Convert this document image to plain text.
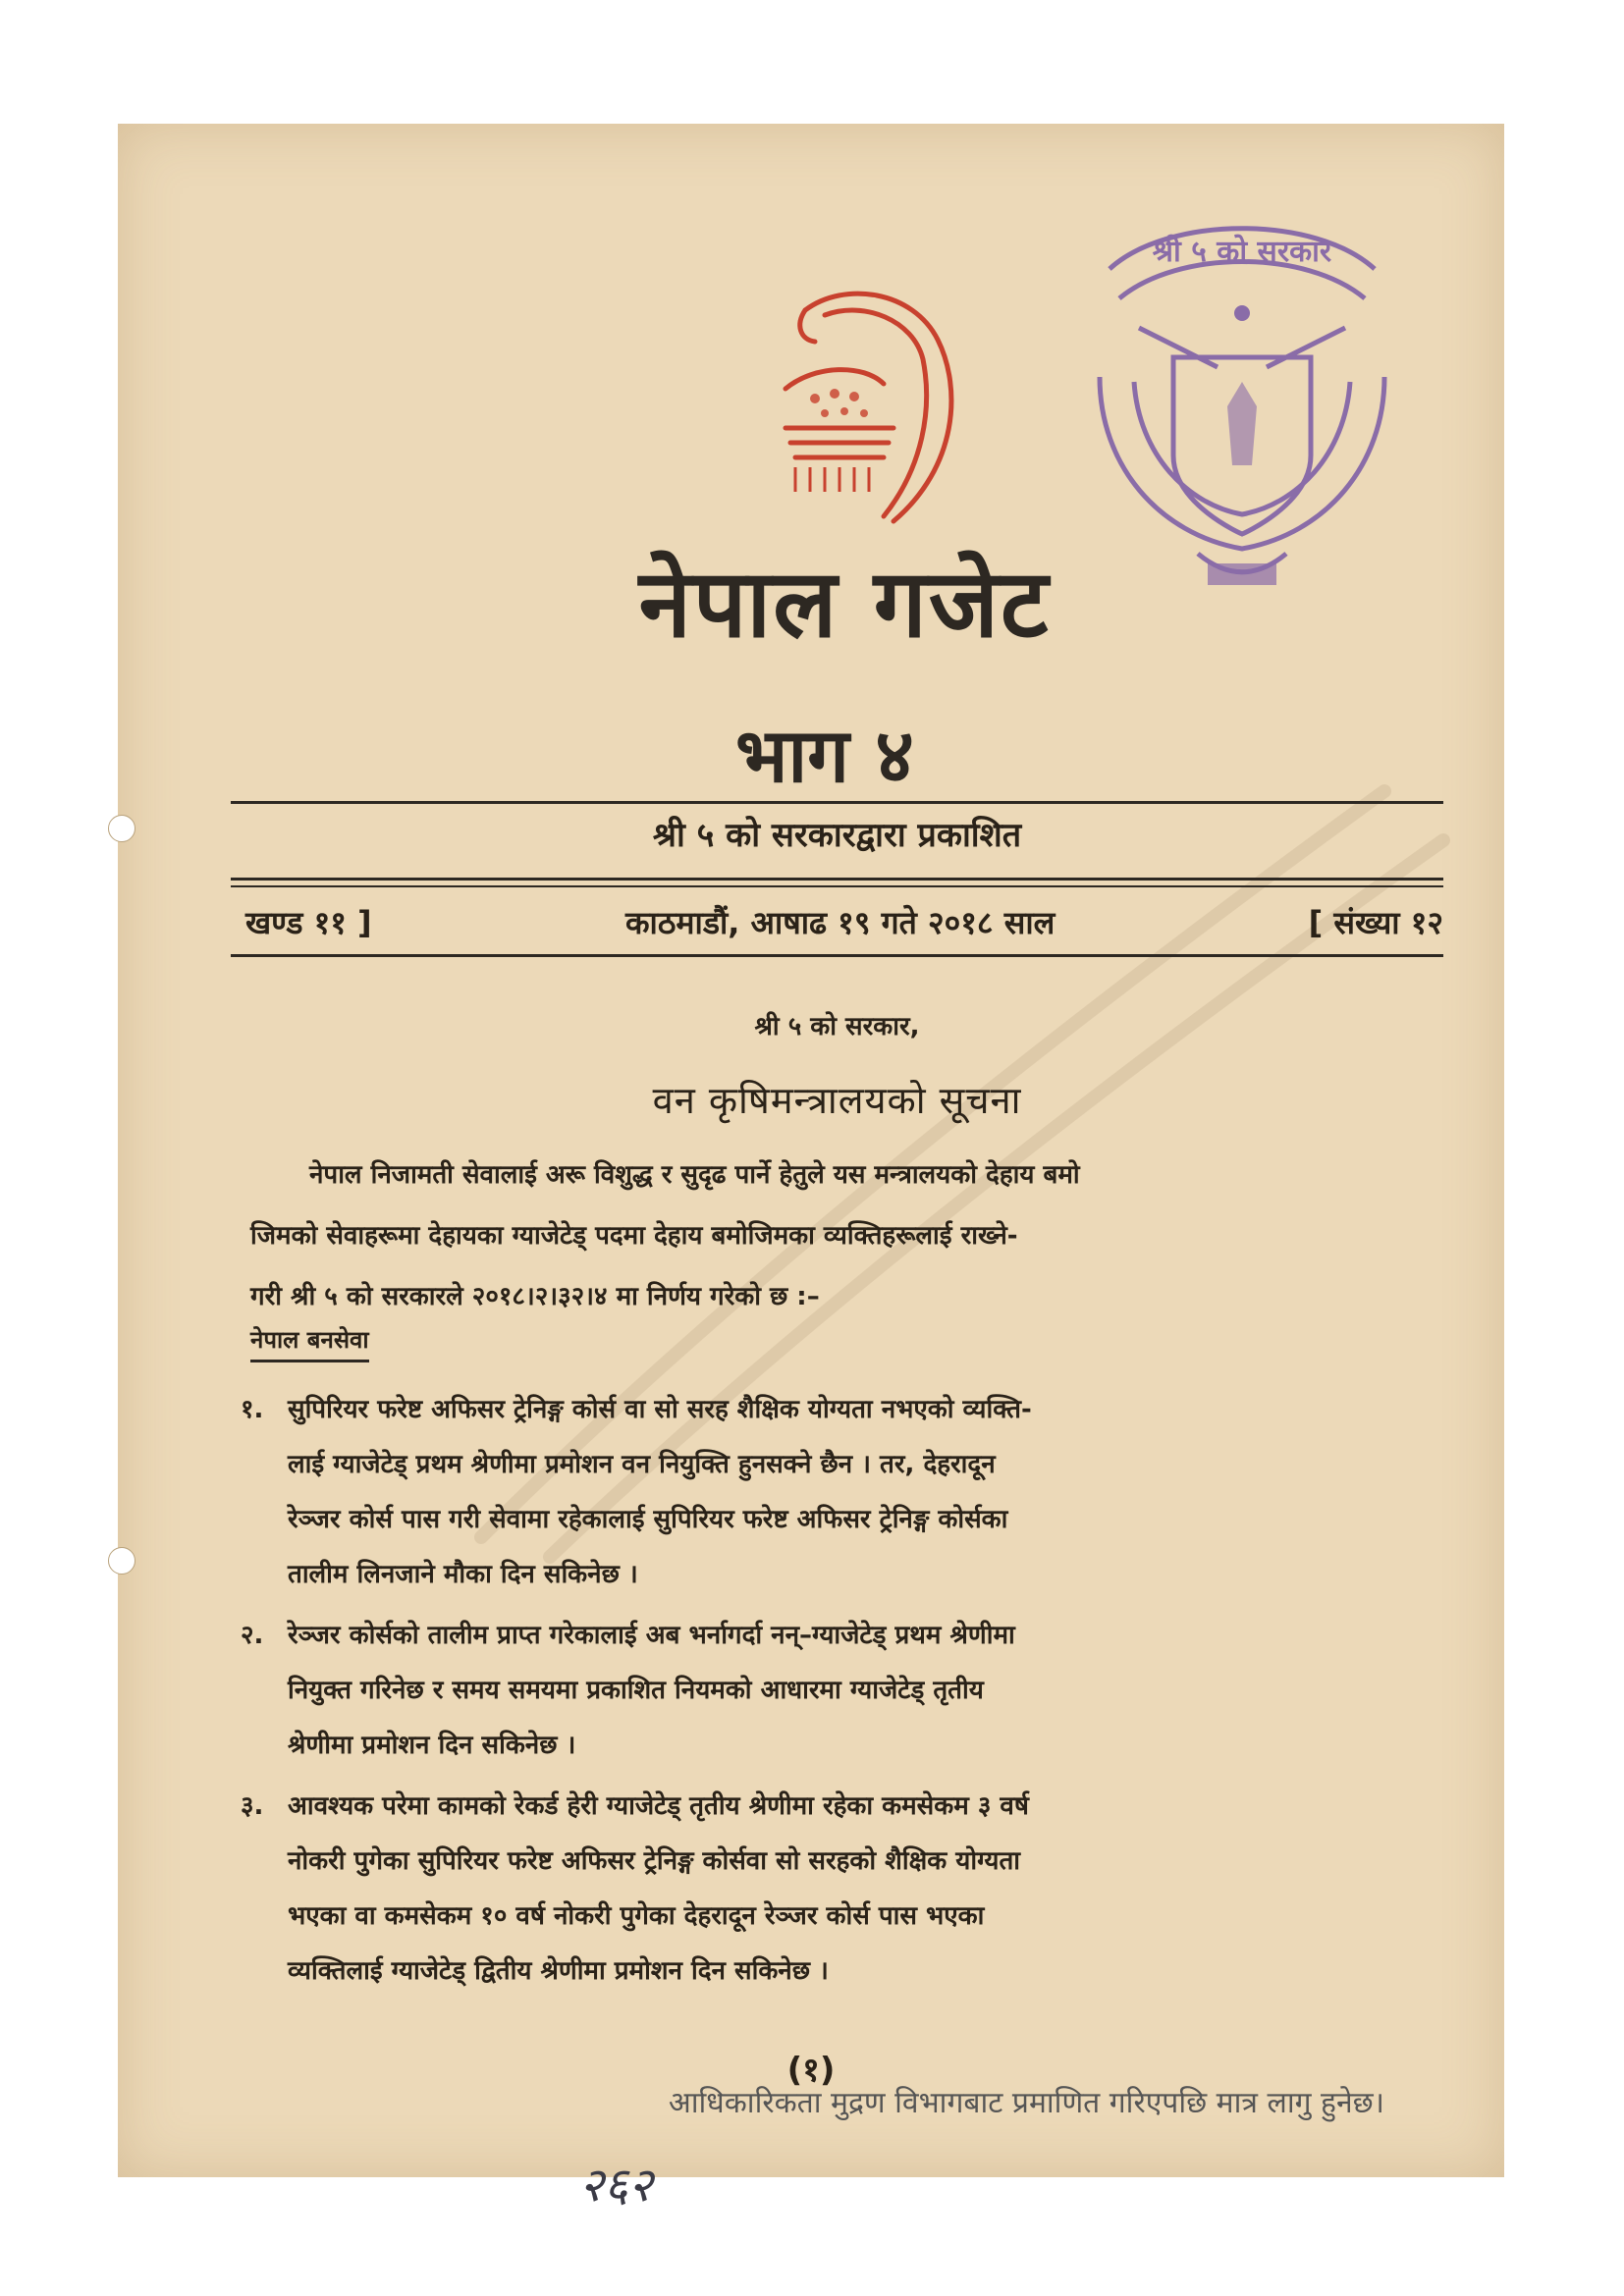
श्री ५ को सरकार
नेपाल गजेट
भाग ४
श्री ५ को सरकारद्वारा प्रकाशित
खण्ड ११ ]	काठमाडौं, आषाढ १९ गते २०१८ साल	[ संख्या १२
श्री ५ को सरकार,
वन कृषिमन्त्रालयको सूचना
नेपाल निजामती सेवालाई अरू विशुद्ध र सुदृढ पार्ने हेतुले यस मन्त्रालयको देहाय बमो
जिमको सेवाहरूमा देहायका ग्याजेटेड् पदमा देहाय बमोजिमका व्यक्तिहरूलाई राख्ने-
गरी श्री ५ को सरकारले २०१८।२।३२।४ मा निर्णय गरेको छ :–
नेपाल बनसेवा
१. सुपिरियर फरेष्ट अफिसर ट्रेनिङ्ग कोर्स वा सो सरह शैक्षिक योग्यता नभएको व्यक्ति-
लाई ग्याजेटेड् प्रथम श्रेणीमा प्रमोशन वन नियुक्ति हुनसक्ने छैन । तर, देहरादून
रेञ्जर कोर्स पास गरी सेवामा रहेकालाई सुपिरियर फरेष्ट अफिसर ट्रेनिङ्ग कोर्सका
तालीम लिनजाने मौका दिन सकिनेछ ।
२. रेञ्जर कोर्सको तालीम प्राप्त गरेकालाई अब भर्नागर्दा नन्–ग्याजेटेड् प्रथम श्रेणीमा
नियुक्त गरिनेछ र समय समयमा प्रकाशित नियमको आधारमा ग्याजेटेड् तृतीय
श्रेणीमा प्रमोशन दिन सकिनेछ ।
३. आवश्यक परेमा कामको रेकर्ड हेरी ग्याजेटेड् तृतीय श्रेणीमा रहेका कमसेकम ३ वर्ष
नोकरी पुगेका सुपिरियर फरेष्ट अफिसर ट्रेनिङ्ग कोर्सवा सो सरहको शैक्षिक योग्यता
भएका वा कमसेकम १० वर्ष नोकरी पुगेका देहरादून रेञ्जर कोर्स पास भएका
व्यक्तिलाई ग्याजेटेड् द्वितीय श्रेणीमा प्रमोशन दिन सकिनेछ ।
(१)
२६२
आधिकारिकता मुद्रण विभागबाट प्रमाणित गरिएपछि मात्र लागु हुनेछ।
